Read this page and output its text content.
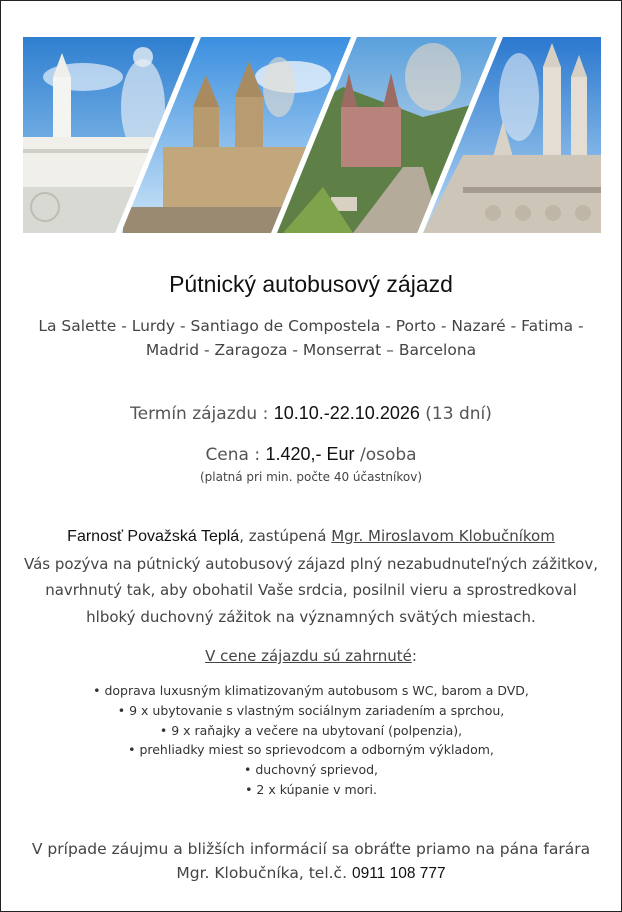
Pútnický autobusový zájazd
La Salette - Lurdy - Santiago de Compostela - Porto - Nazaré - Fatima - Madrid - Zaragoza - Monserrat – Barcelona
Termín zájazdu : 10.10.-22.10.2026 (13 dní)
Cena : 1.420,- Eur /osoba
(platná pri min. počte 40 účastníkov)
Farnosť Považská Teplá, zastúpená Mgr. Miroslavom Klobučníkom
Vás pozýva na pútnický autobusový zájazd plný nezabudnuteľných zážitkov, navrhnutý tak, aby obohatil Vaše srdcia, posilnil vieru a sprostredkoval hlboký duchovný zážitok na významných svätých miestach.
V cene zájazdu sú zahrnuté:
• doprava luxusným klimatizovaným autobusom s WC, barom a DVD,
• 9 x ubytovanie s vlastným sociálnym zariadením a sprchou,
• 9 x raňajky a večere na ubytovaní (polpenzia),
• prehliadky miest so sprievodcom a odborným výkladom,
• duchovný sprievod,
• 2 x kúpanie v mori.
V prípade záujmu a bližších informácií sa obráťte priamo na pána farára
Mgr. Klobučníka, tel.č. 0911 108 777
